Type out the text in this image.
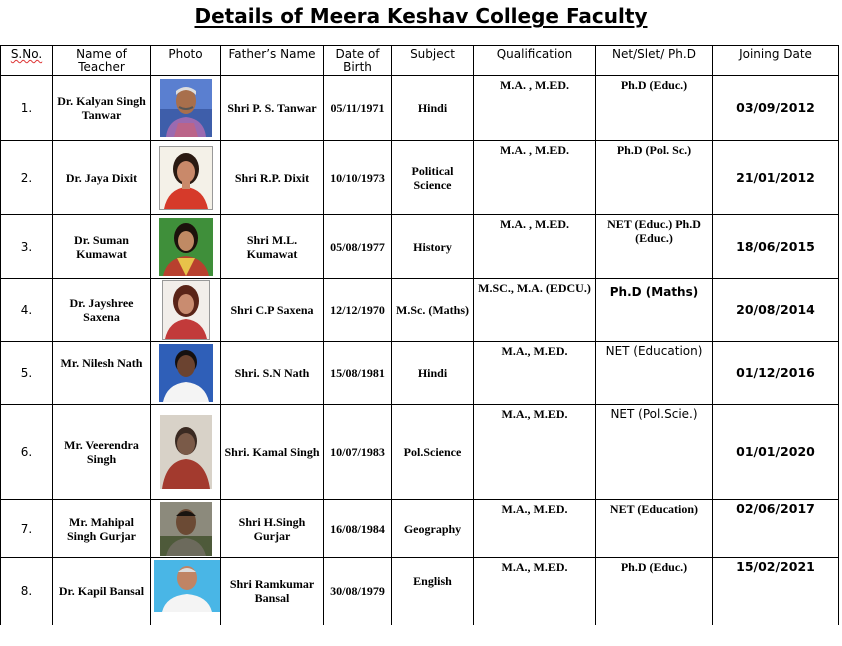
Details of Meera Keshav College Faculty
S.No.	Name of Teacher	Photo	Father’s Name	Date of Birth	Subject	Qualification	Net/Slet/ Ph.D	Joining Date
1.	Dr. Kalyan Singh Tanwar		Shri P. S. Tanwar	05/11/1971	Hindi	M.A. , M.ED.	Ph.D (Educ.)	03/09/2012
2.	Dr. Jaya Dixit		Shri R.P. Dixit	10/10/1973	Political Science	M.A. , M.ED.	Ph.D (Pol. Sc.)	21/01/2012
3.	Dr. Suman Kumawat		Shri M.L. Kumawat	05/08/1977	History	M.A. , M.ED.	NET (Educ.) Ph.D (Educ.)	18/06/2015
4.	Dr. Jayshree Saxena		Shri C.P Saxena	12/12/1970	M.Sc. (Maths)	M.SC., M.A. (EDCU.)	Ph.D (Maths)	20/08/2014
5.	Mr. Nilesh Nath		Shri. S.N Nath	15/08/1981	Hindi	M.A., M.ED.	NET (Education)	01/12/2016
6.	Mr. Veerendra Singh		Shri. Kamal Singh	10/07/1983	Pol.Science	M.A., M.ED.	NET (Pol.Scie.)	01/01/2020
7.	Mr. Mahipal Singh Gurjar		Shri H.Singh Gurjar	16/08/1984	Geography	M.A., M.ED.	NET (Education)	02/06/2017
8.	Dr. Kapil Bansal		Shri Ramkumar Bansal	30/08/1979	English	M.A., M.ED.	Ph.D (Educ.)	15/02/2021
